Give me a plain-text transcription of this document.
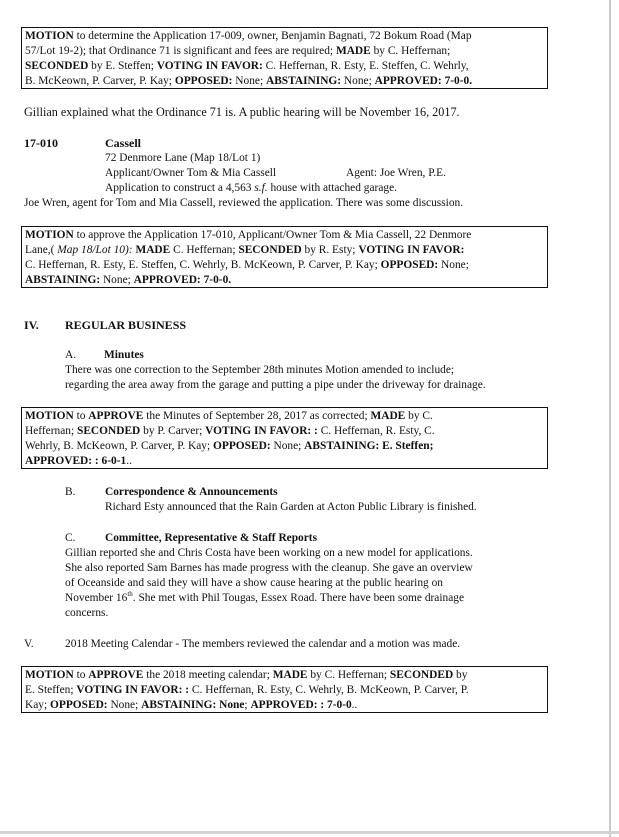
MOTION to determine the Application 17-009, owner, Benjamin Bagnati, 72 Bokum Road (Map
57/Lot 19-2); that Ordinance 71 is significant and fees are required; MADE by C. Heffernan;
SECONDED by E. Steffen; VOTING IN FAVOR: C. Heffernan, R. Esty, E. Steffen, C. Wehrly,
B. McKeown, P. Carver, P. Kay; OPPOSED: None; ABSTAINING: None; APPROVED: 7-0-0.
Gillian explained what the Ordinance 71 is. A public hearing will be November 16, 2017.
17-010	Cassell
72 Denmore Lane (Map 18/Lot 1)
Applicant/Owner Tom & Mia Cassell	Agent: Joe Wren, P.E.
Application to construct a 4,563 s.f. house with attached garage.
Joe Wren, agent for Tom and Mia Cassell, reviewed the application. There was some discussion.
MOTION to approve the Application 17-010, Applicant/Owner Tom & Mia Cassell, 22 Denmore
Lane,( Map 18/Lot 10): MADE C. Heffernan; SECONDED by R. Esty; VOTING IN FAVOR:
C. Heffernan, R. Esty, E. Steffen, C. Wehrly, B. McKeown, P. Carver, P. Kay; OPPOSED: None;
ABSTAINING: None; APPROVED: 7-0-0.
IV. REGULAR BUSINESS
A. Minutes
There was one correction to the September 28th minutes Motion amended to include;
regarding the area away from the garage and putting a pipe under the driveway for drainage.
MOTION to APPROVE the Minutes of September 28, 2017 as corrected; MADE by C.
Heffernan; SECONDED by P. Carver; VOTING IN FAVOR: : C. Heffernan, R. Esty, C.
Wehrly, B. McKeown, P. Carver, P. Kay; OPPOSED: None; ABSTAINING: E. Steffen;
APPROVED: : 6-0-1..
B.	Correspondence & Announcements
Richard Esty announced that the Rain Garden at Acton Public Library is finished.
C.	Committee, Representative & Staff Reports
Gillian reported she and Chris Costa have been working on a new model for applications.
She also reported Sam Barnes has made progress with the cleanup. She gave an overview
of Oceanside and said they will have a show cause hearing at the public hearing on
November 16th. She met with Phil Tougas, Essex Road. There have been some drainage
concerns.
V.	2018 Meeting Calendar - The members reviewed the calendar and a motion was made.
MOTION to APPROVE the 2018 meeting calendar; MADE by C. Heffernan; SECONDED by
E. Steffen; VOTING IN FAVOR: : C. Heffernan, R. Esty, C. Wehrly, B. McKeown, P. Carver, P.
Kay; OPPOSED: None; ABSTAINING: None; APPROVED: : 7-0-0..
